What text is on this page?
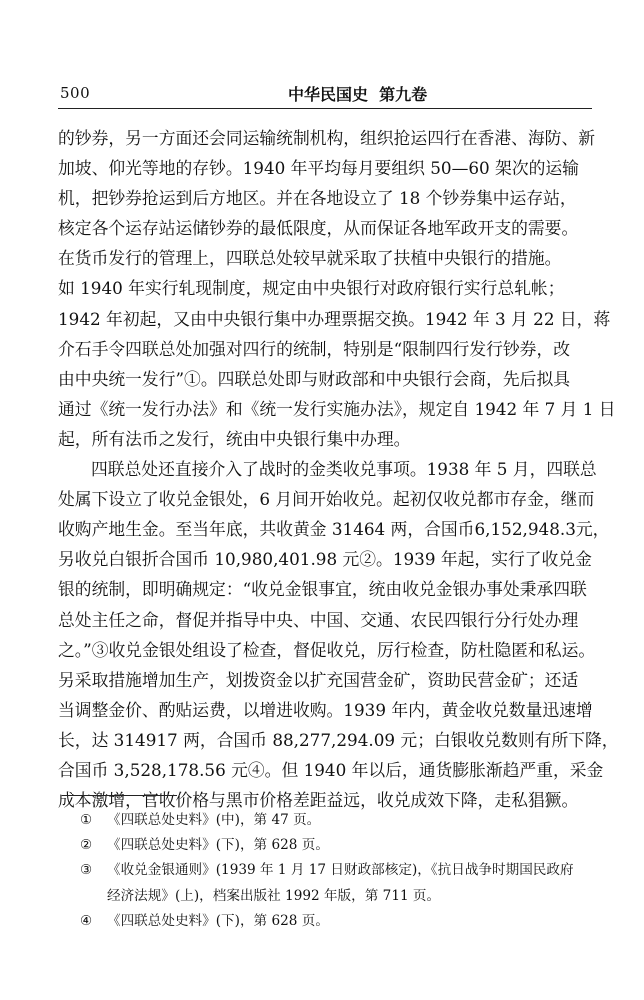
500	中华民国史  第九卷
的钞券，另一方面还会同运输统制机构，组织抢运四行在香港、海防、新
加坡、仰光等地的存钞。1940 年平均每月要组织 50—60 架次的运输
机，把钞券抢运到后方地区。并在各地设立了 18 个钞券集中运存站，
核定各个运存站运储钞券的最低限度，从而保证各地军政开支的需要。
在货币发行的管理上，四联总处较早就采取了扶植中央银行的措施。
如 1940 年实行轧现制度，规定由中央银行对政府银行实行总轧帐；
1942 年初起，又由中央银行集中办理票据交换。1942 年 3 月 22 日，蒋
介石手令四联总处加强对四行的统制，特别是“限制四行发行钞券，改
由中央统一发行”①。四联总处即与财政部和中央银行会商，先后拟具
通过《统一发行办法》和《统一发行实施办法》，规定自 1942 年 7 月 1 日
起，所有法币之发行，统由中央银行集中办理。
四联总处还直接介入了战时的金类收兑事项。1938 年 5 月，四联总
处属下设立了收兑金银处，6 月间开始收兑。起初仅收兑都市存金，继而
收购产地生金。至当年底，共收黄金 31464 两，合国币6,152,948.3元，
另收兑白银折合国币 10,980,401.98 元②。1939 年起，实行了收兑金
银的统制，即明确规定：“收兑金银事宜，统由收兑金银办事处秉承四联
总处主任之命，督促并指导中央、中国、交通、农民四银行分行处办理
之。”③收兑金银处组设了检查，督促收兑，厉行检查，防杜隐匿和私运。
另采取措施增加生产，划拨资金以扩充国营金矿，资助民营金矿；还适
当调整金价、酌贴运费，以增进收购。1939 年内，黄金收兑数量迅速增
长，达 314917 两，合国币 88,277,294.09 元；白银收兑数则有所下降，
合国币 3,528,178.56 元④。但 1940 年以后，通货膨胀渐趋严重，采金
成本激增，官收价格与黑市价格差距益远，收兑成效下降，走私猖獗。
① 《四联总处史料》(中)，第 47 页。
② 《四联总处史料》(下)，第 628 页。
③ 《收兑金银通则》(1939 年 1 月 17 日财政部核定)，《抗日战争时期国民政府
经济法规》(上)，档案出版社 1992 年版，第 711 页。
④ 《四联总处史料》(下)，第 628 页。
